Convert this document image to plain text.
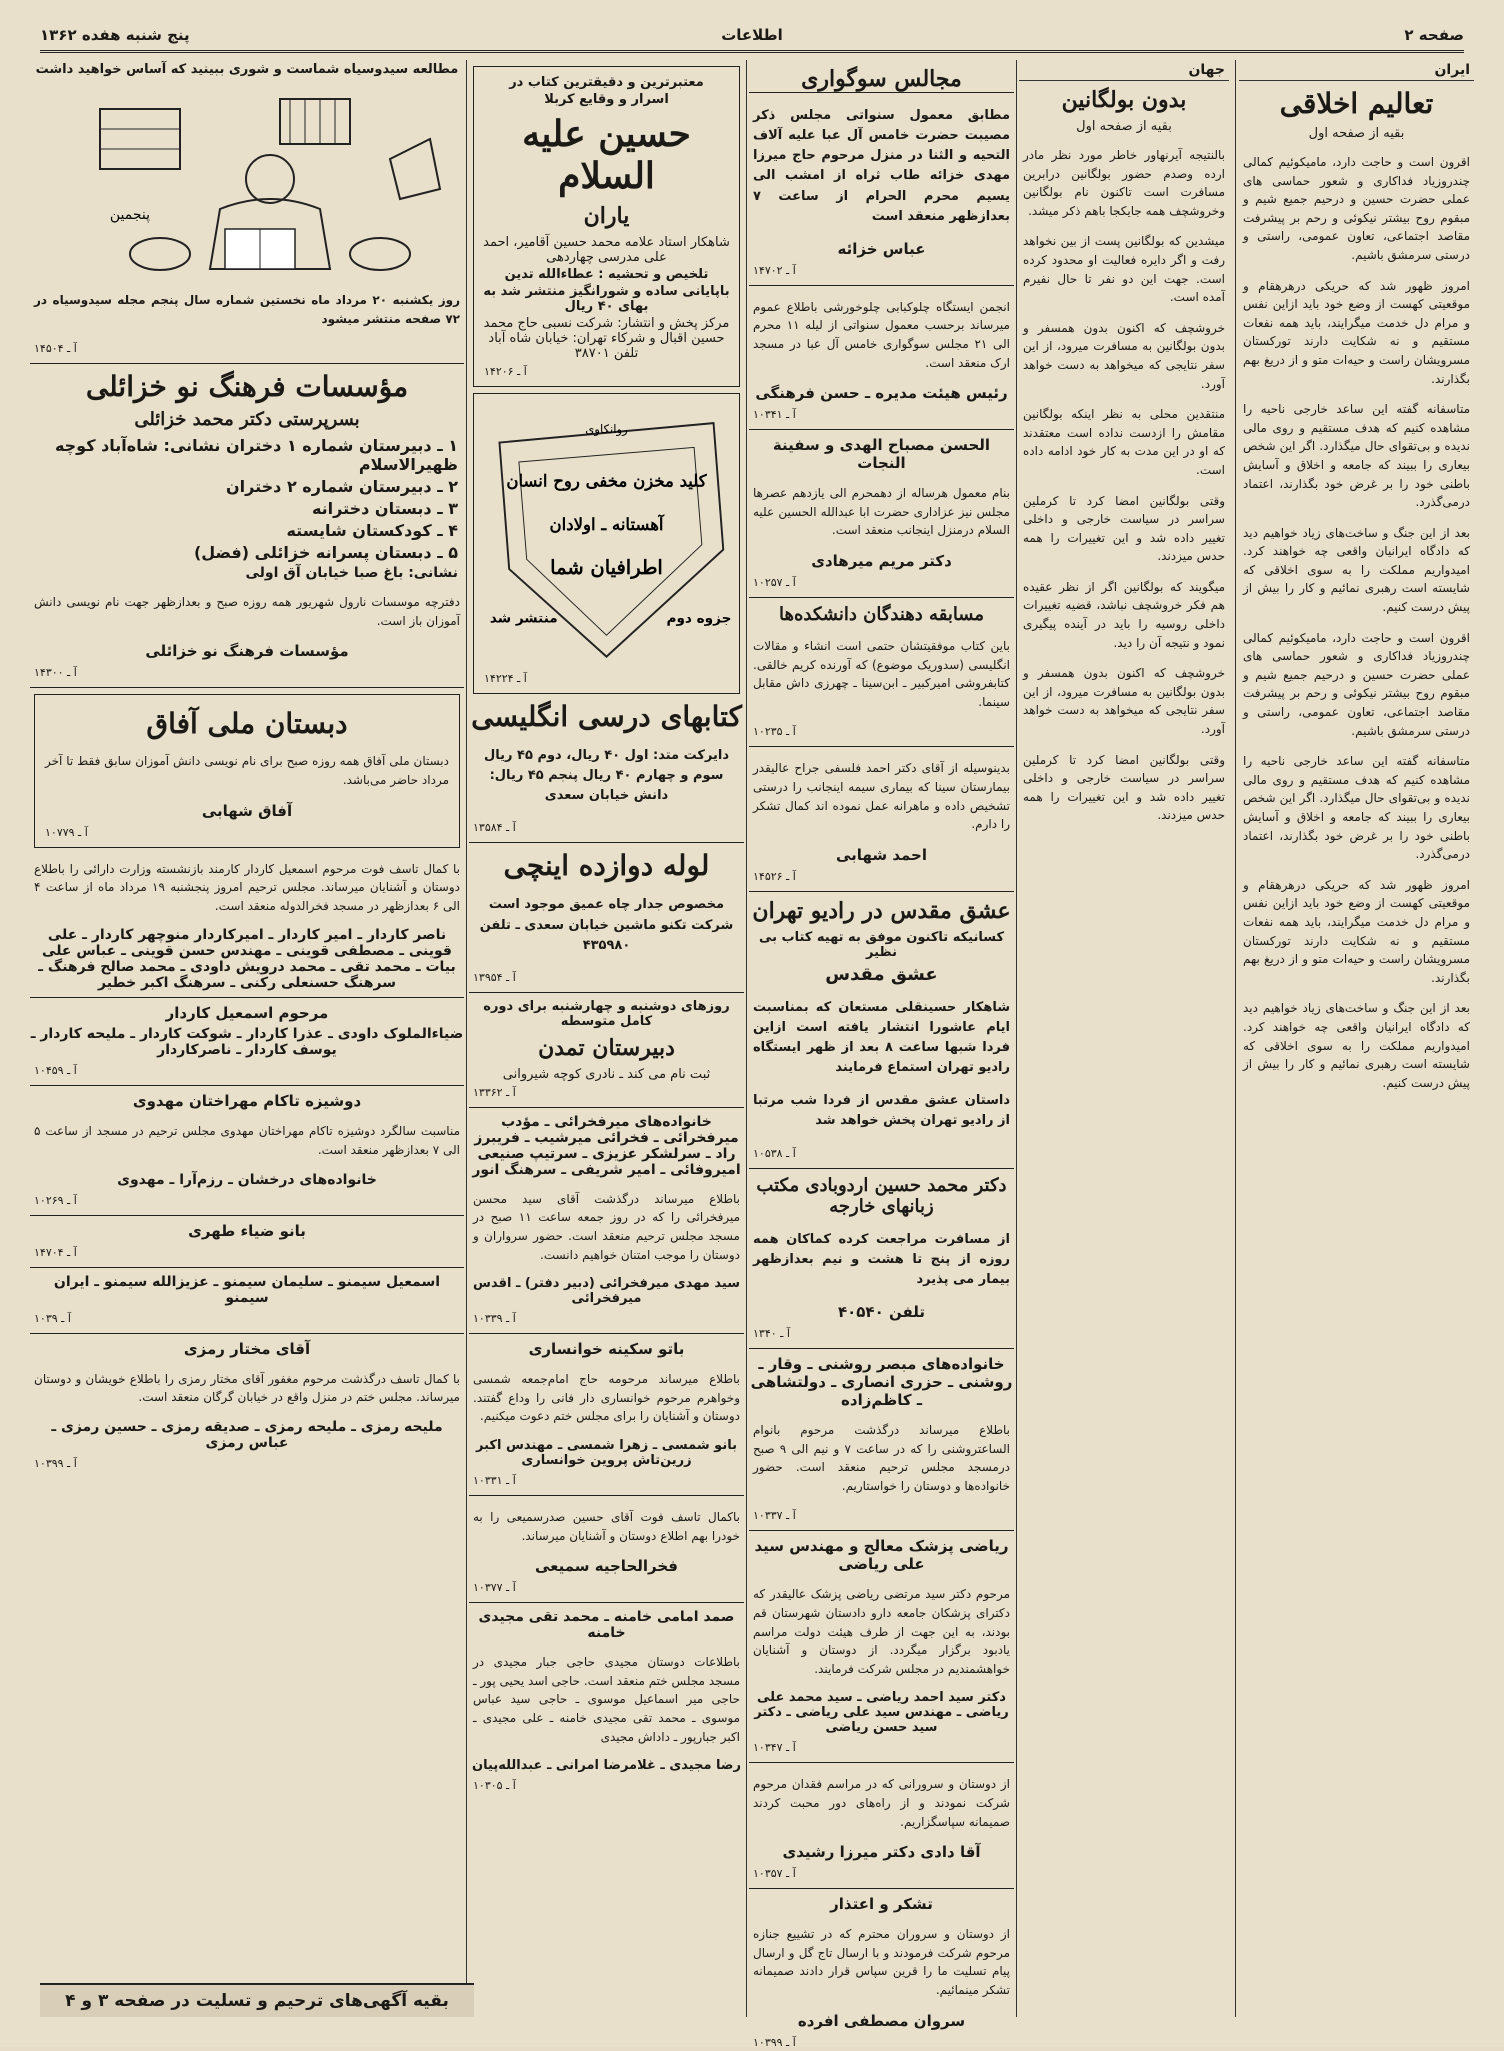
صفحه ۲
اطلاعات
پنج شنبه هفده ۱۳۶۲
ایران
تعالیم اخلاقی
بقیه از صفحه اول

اقرون است و حاجت دارد، مامیکوئیم کمالی چندروزیاد فداکاری و شعور حماسی های عملی حضرت حسین و درحیم جمیع شیم و مبقوم روح بیشتر نیکوئی و رحم بر پیشرفت مقاصد اجتماعی، تعاون عمومی، راستی و درستی سرمشق باشیم.

امروز ظهور شد که حریکی درهرهقام و موقعیتی کهست از وضع خود باید ازاین نفس و مرام دل خدمت میگرایند، باید همه نفعات مستقیم و نه شکایت دارند تورکستان مسرویشان راست و حیه‌ات متو و از دریغ بهم بگذارند.

متاسفانه گفته این ساعد خارجی ناحیه را مشاهده کنیم که هدف مستقیم و روی مالی ندیده و بی‌تقوای حال میگذارد. اگر این شخص بیعاری را ببیند که جامعه و اخلاق و آسایش باطنی خود را بر غرض خود بگذارند، اعتماد درمی‌گذرد.

بعد از این جنگ و ساخت‌های زیاد خواهیم دید که دادگاه ایرانیان واقعی چه خواهند کرد. امیدواریم مملکت را به سوی اخلاقی که شایسته است رهبری نمائیم و کار را بیش از پیش درست کنیم.

اقرون است و حاجت دارد، مامیکوئیم کمالی چندروزیاد فداکاری و شعور حماسی های عملی حضرت حسین و درحیم جمیع شیم و مبقوم روح بیشتر نیکوئی و رحم بر پیشرفت مقاصد اجتماعی، تعاون عمومی، راستی و درستی سرمشق باشیم.

متاسفانه گفته این ساعد خارجی ناحیه را مشاهده کنیم که هدف مستقیم و روی مالی ندیده و بی‌تقوای حال میگذارد. اگر این شخص بیعاری را ببیند که جامعه و اخلاق و آسایش باطنی خود را بر غرض خود بگذارند، اعتماد درمی‌گذرد.

امروز ظهور شد که حریکی درهرهقام و موقعیتی کهست از وضع خود باید ازاین نفس و مرام دل خدمت میگرایند، باید همه نفعات مستقیم و نه شکایت دارند تورکستان مسرویشان راست و حیه‌ات متو و از دریغ بهم بگذارند.

بعد از این جنگ و ساخت‌های زیاد خواهیم دید که دادگاه ایرانیان واقعی چه خواهند کرد. امیدواریم مملکت را به سوی اخلاقی که شایسته است رهبری نمائیم و کار را بیش از پیش درست کنیم.

جهان
بدون بولگانین
بقیه از صفحه اول

بالنتیجه آیرنهاور خاطر مورد نظر مادر ارده وصدم حضور بولگانین درابرین مسافرت است تاکنون نام بولگانین وخروشچف همه جایکجا باهم ذکر میشد.

میشدین که بولگانین پست از بین نخواهد رفت و اگر دایره فعالیت او محدود کرده است. جهت این دو نفر تا حال نفیرم آمده است.

خروشچف که اکنون بدون همسفر و بدون بولگانین به مسافرت میرود، از این سفر نتایجی که میخواهد به دست خواهد آورد.

منتقدین محلی به نظر اینکه بولگانین مقامش را ازدست نداده است معتقدند که او در این مدت به کار خود ادامه داده است.

وقتی بولگانین امضا کرد تا کرملین سراسر در سیاست خارجی و داخلی تغییر داده شد و این تغییرات را همه حدس میزدند.

میگویند که بولگانین اگر از نظر عقیده هم فکر خروشچف نباشد، قضیه تغییرات داخلی روسیه را باید در آینده پیگیری نمود و نتیجه آن را دید.

خروشچف که اکنون بدون همسفر و بدون بولگانین به مسافرت میرود، از این سفر نتایجی که میخواهد به دست خواهد آورد.

وقتی بولگانین امضا کرد تا کرملین سراسر در سیاست خارجی و داخلی تغییر داده شد و این تغییرات را همه حدس میزدند.

مجالس سوگواری

مطابق معمول سنواتی مجلس ذکر مصیبت حضرت خامس آل عبا علیه آلاف التحیه و الثنا در منزل مرحوم حاج میرزا مهدی خزائه طاب ثراه از امشب الی یسیم محرم الحرام از ساعت ۷ بعدازظهر منعقد است

عباس خزائه
آ ـ ۱۴۷۰۲

انجمن ایستگاه چلوکبابی چلوخورشی باطلاع عموم میرساند برحسب معمول سنواتی از لیله ۱۱ محرم الی ۲۱ مجلس سوگواری خامس آل عبا در مسجد ارک منعقد است.

رئیس هیئت مدیره ـ حسن فرهنگی
آ ـ ۱۰۳۴۱
الحسن مصباح الهدی و سفینة النجات

بنام معمول هرساله از دهمحرم الی یازدهم عصرها مجلس نیز عزاداری حضرت ابا عبدالله الحسین علیه السلام درمنزل اینجانب منعقد است.

دکتر مریم میرهادی
آ ـ ۱۰۲۵۷
مسابقه دهندگان دانشکده‌ها

باین کتاب موفقیتشان حتمی است انشاء و مقالات انگلیسی (سدوریک موضوع) که آورنده کریم خالقی. کتابفروشی امیرکبیر ـ ابن‌سینا ـ چهرزی داش مقابل سینما.

آ ـ ۱۰۲۳۵

بدینوسیله از آقای دکتر احمد فلسفی جراح عالیقدر بیمارستان سینا که بیماری سیمه اینجانب را درستی تشخیص داده و ماهرانه عمل نموده اند کمال تشکر را دارم.

احمد شهابی
آ ـ ۱۴۵۲۶
عشق مقدس در رادیو تهران
کسانیکه تاکنون موفق به تهیه کتاب بی نظیر
عشق مقدس

شاهکار حسینقلی مستعان که بمناسبت ایام عاشورا انتشار یافته است ازاین فردا شبها ساعت ۸ بعد از ظهر ایستگاه رادیو تهران استماع فرمایند

داستان عشق مقدس از فردا شب مرتبا از رادیو تهران پخش خواهد شد

آ ـ ۱۰۵۳۸
دکتر محمد حسین اردوبادی مکتب زبانهای خارجه

از مسافرت مراجعت کرده کماکان همه روزه از پنج تا هشت و نیم بعدازظهر بیمار می پذیرد

تلفن ۴۰۵۴۰
آ ـ ۱۳۴۰
خانواده‌های مبصر روشنی ـ وقار ـ روشنی ـ حزری انصاری ـ دولتشاهی ـ کاظم‌زاده

باطلاع میرساند درگذشت مرحوم بانوام الساعتروشنی را که در ساعت ۷ و نیم الی ۹ صبح درمسجد مجلس ترحیم منعقد است. حضور خانواده‌ها و دوستان را خواستاریم.

آ ـ ۱۰۳۳۷
ریاضی پزشک معالج و مهندس سید علی ریاضی

مرحوم دکتر سید مرتضی ریاضی پزشک عالیقدر که دکترای پزشکان جامعه دارو دادستان شهرستان قم بودند، به این جهت از طرف هیئت دولت مراسم یادبود برگزار میگردد. از دوستان و آشنایان خواهشمندیم در مجلس شرکت فرمایند.

دکتر سید احمد ریاضی ـ سید محمد علی ریاضی ـ مهندس سید علی ریاضی ـ دکتر سید حسن ریاضی
آ ـ ۱۰۳۴۷

از دوستان و سرورانی که در مراسم فقدان مرحوم شرکت نمودند و از راه‌های دور محبت کردند صمیمانه سپاسگزاریم.

آقا دادی دکتر میرزا رشیدی
آ ـ ۱۰۳۵۷
تشکر و اعتذار

از دوستان و سروران محترم که در تشییع جنازه مرحوم شرکت فرمودند و با ارسال تاج گل و ارسال پیام تسلیت ما را قرین سپاس قرار دادند صمیمانه تشکر مینمائیم.

سروان مصطفی افرده
آ ـ ۱۰۳۹۹
معتبرترین و دقیقترین کتاب در
اسرار و وقایع کربلا
حسین علیه السلام
یاران
شاهکار استاد علامه محمد حسین آقامیر، احمد علی مدرسی چهاردهی
تلخیص و تحشیه : عطاءالله تدین
باپایانی ساده و شورانگیز منتشر شد به بهای ۴۰ ریال
مرکز پخش و انتشار: شرکت نسبی حاج محمد حسین اقبال و شرکاء تهران: خیابان شاه آباد تلفن ۳۸۷۰۱
آ ـ ۱۴۲۰۶
روانکاوی
کلید مخزن مخفی روح انسان
آهستانه ـ اولادان
اطرافیان شما
جزوه دوم
منتشر شد
آ ـ ۱۴۲۲۴
کتابهای درسی انگلیسی

دایرکت متد: اول ۴۰ ریال، دوم ۴۵ ریال سوم و چهارم ۴۰ ریال پنجم ۴۵ ریال: دانش خیابان سعدی

آ ـ ۱۳۵۸۴
لوله دوازده اینچی

مخصوص جدار چاه عمیق موجود است شرکت تکنو ماشین خیابان سعدی ـ تلفن ۴۳۵۹۸۰

آ ـ ۱۳۹۵۴
روزهای دوشنبه و چهارشنبه برای دوره کامل متوسطه
دبیرستان تمدن
ثبت نام می کند ـ نادری کوچه شیروانی
آ ـ ۱۳۳۶۲
خانواده‌های میرفخرائی ـ مؤدب میرفخرائی ـ فخرائی میرشیب ـ فریبرز راد ـ سرلشکر عزیزی ـ سرتیپ صنیعی امیروفائی ـ امیر شریفی ـ سرهنگ انور

باطلاع میرساند درگذشت آقای سید محسن میرفخرائی را که در روز جمعه ساعت ۱۱ صبح در مسجد مجلس ترحیم منعقد است. حضور سرواران و دوستان را موجب امتنان خواهیم دانست.

سید مهدی میرفخرائی (دبیر دفتر) ـ اقدس میرفخرائی
آ ـ ۱۰۳۳۹
باتو سکینه خوانساری

باطلاع میرساند مرحومه حاج امام‌جمعه شمسی وخواهرم مرحوم خوانساری دار فانی را وداع گفتند. دوستان و آشنایان را برای مجلس ختم دعوت میکنیم.

بانو شمسی ـ زهرا شمسی ـ مهندس اکبر زرین‌تاش پروین خوانساری
آ ـ ۱۰۳۳۱

باکمال تاسف فوت آقای حسین صدرسمیعی را به خودرا بهم اطلاع دوستان و آشنایان میرساند.

فخرالحاجیه سمیعی
آ ـ ۱۰۳۷۷
صمد امامی خامنه ـ محمد تقی مجیدی خامنه

باطلاعات دوستان مجیدی حاجی جبار مجیدی در مسجد مجلس ختم منعقد است. حاجی اسد یحیی پور ـ حاجی میر اسماعیل موسوی ـ حاجی سید عباس موسوی ـ محمد تقی مجیدی خامنه ـ علی مجیدی ـ اکبر جبارپور ـ داداش مجیدی

رضا مجیدی ـ غلامرضا امرانی ـ عبدالله‌پیان
آ ـ ۱۰۳۰۵
مطالعه سیدوسیاه شماست و شوری ببینید که آساس خواهید داشت
پنجمین

روز یکشنبه ۲۰ مرداد ماه نخستین شماره سال پنجم مجله سیدوسیاه در ۷۲ صفحه منتشر میشود

آ ـ ۱۴۵۰۴
مؤسسات فرهنگ نو خزائلی
بسرپرستی دکتر محمد خزائلی
۱ ـ دبیرستان شماره ۱ دختران نشانی: شاه‌آباد کوچه ظهیرالاسلام
۲ ـ دبیرستان شماره ۲ دختران
۳ ـ دبستان دخترانه
۴ ـ کودکستان شایسته
۵ ـ دبستان پسرانه خزائلی (فضل)
نشانی: باغ صبا خیابان آق اولی

دفترچه موسسات نارول شهریور همه روزه صبح و بعدازظهر جهت نام نویسی دانش آموزان باز است.

مؤسسات فرهنگ نو خزائلی
آ ـ ۱۴۳۰۰
دبستان ملی آفاق

دبستان ملی آفاق همه روزه صبح برای نام نویسی دانش آموزان سابق فقط تا آخر مرداد حاضر می‌باشد.

آفاق شهابی
آ ـ ۱۰۷۷۹

با کمال تاسف فوت مرحوم اسمعیل کاردار کارمند بازنشسته وزارت دارائی را باطلاع دوستان و آشنایان میرساند. مجلس ترحیم امروز پنجشنبه ۱۹ مرداد ماه از ساعت ۴ الی ۶ بعدازظهر در مسجد فخرالدوله منعقد است.

ناصر کاردار ـ امیر کاردار ـ امیرکاردار منوچهر کاردار ـ علی قوینی ـ مصطفی قوینی ـ مهندس حسن قوینی ـ عباس علی بیات ـ محمد تقی ـ محمد درویش داودی ـ محمد صالح فرهنگ ـ سرهنگ حسنعلی رکنی ـ سرهنگ اکبر خطیر
مرحوم اسمعیل کاردار
ضیاءالملوک داودی ـ عذرا کاردار ـ شوکت کاردار ـ ملیحه کاردار ـ یوسف کاردار ـ ناصرکاردار
آ ـ ۱۰۴۵۹
دوشیزه تاکام مهراختان مهدوی

مناسبت سالگرد دوشیزه تاکام مهراختان مهدوی مجلس ترحیم در مسجد از ساعت ۵ الی ۷ بعدازظهر منعقد است.

خانواده‌های درخشان ـ رزم‌آرا ـ مهدوی
آ ـ ۱۰۲۶۹
بانو ضیاء طهری
آ ـ ۱۴۷۰۴
اسمعیل سیمنو ـ سلیمان سیمنو ـ عزیزالله سیمنو ـ ایران سیمنو
آ ـ ۱۰۳۹
آقای مختار رمزی

با کمال تاسف درگذشت مرحوم مغفور آقای مختار رمزی را باطلاع خویشان و دوستان میرساند. مجلس ختم در منزل واقع در خیابان گرگان منعقد است.

ملیحه رمزی ـ ملیحه رمزی ـ صدیقه رمزی ـ حسین رمزی ـ عباس رمزی
آ ـ ۱۰۳۹۹
بقیه آگهی‌های ترحیم و تسلیت در صفحه ۳ و ۴
